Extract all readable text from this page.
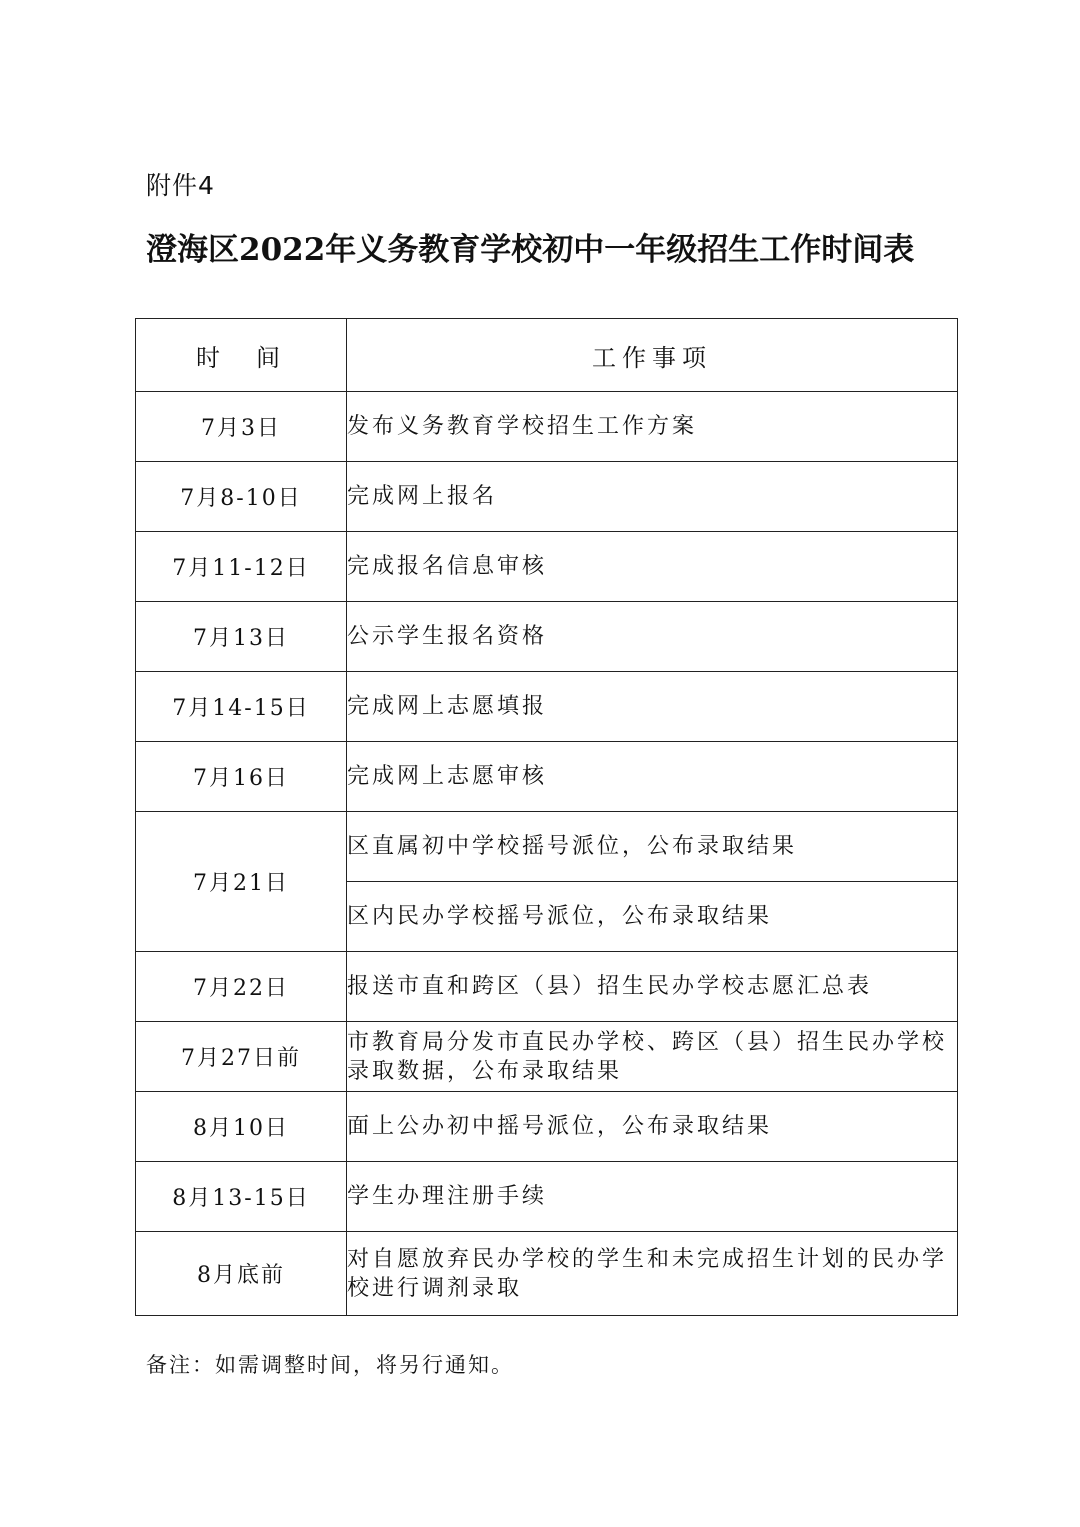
附件4
澄海区2022年义务教育学校初中一年级招生工作时间表
时　间	工作事项
7月3日	发布义务教育学校招生工作方案
7月8-10日	完成网上报名
7月11-12日	完成报名信息审核
7月13日	公示学生报名资格
7月14-15日	完成网上志愿填报
7月16日	完成网上志愿审核
7月21日	区直属初中学校摇号派位，公布录取结果
	区内民办学校摇号派位，公布录取结果
7月22日	报送市直和跨区（县）招生民办学校志愿汇总表
7月27日前	市教育局分发市直民办学校、跨区（县）招生民办学校录取数据，公布录取结果
8月10日	面上公办初中摇号派位，公布录取结果
8月13-15日	学生办理注册手续
8月底前	对自愿放弃民办学校的学生和未完成招生计划的民办学校进行调剂录取
备注：如需调整时间，将另行通知。
